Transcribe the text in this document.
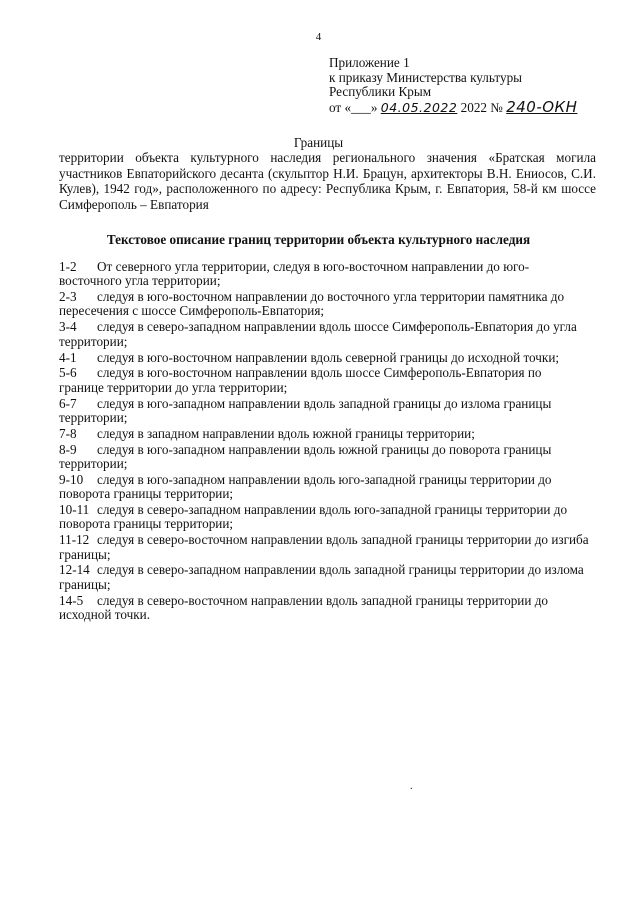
4
Приложение 1
к приказу Министерства культуры
Республики Крым
от «___» 04.05.2022 2022 № 240-ОКН
Границы
территории объекта культурного наследия регионального значения «Братская могила участников Евпаторийского десанта (скульптор Н.И. Брацун, архитекторы В.Н. Ениосов, С.И. Кулев), 1942 год», расположенного по адресу: Республика Крым, г. Евпатория, 58-й км шоссе Симферополь – Евпатория
Текстовое описание границ территории объекта культурного наследия
1-2 От северного угла территории, следуя в юго-восточном направлении до юго-восточного угла территории;
2-3 следуя в юго-восточном направлении до восточного угла территории памятника до пересечения с шоссе Симферополь-Евпатория;
3-4 следуя в северо-западном направлении вдоль шоссе Симферополь-Евпатория до угла территории;
4-1 следуя в юго-восточном направлении вдоль северной границы до исходной точки;
5-6 следуя в юго-восточном направлении вдоль шоссе Симферополь-Евпатория по границе территории до угла территории;
6-7 следуя в юго-западном направлении вдоль западной границы до излома границы территории;
7-8 следуя в западном направлении вдоль южной границы территории;
8-9 следуя в юго-западном направлении вдоль южной границы до поворота границы территории;
9-10 следуя в юго-западном направлении вдоль юго-западной границы территории до поворота границы территории;
10-11 следуя в северо-западном направлении вдоль юго-западной границы территории до поворота границы территории;
11-12 следуя в северо-восточном направлении вдоль западной границы территории до изгиба границы;
12-14 следуя в северо-западном направлении вдоль западной границы территории до излома границы;
14-5 следуя в северо-восточном направлении вдоль западной границы территории до исходной точки.
.
